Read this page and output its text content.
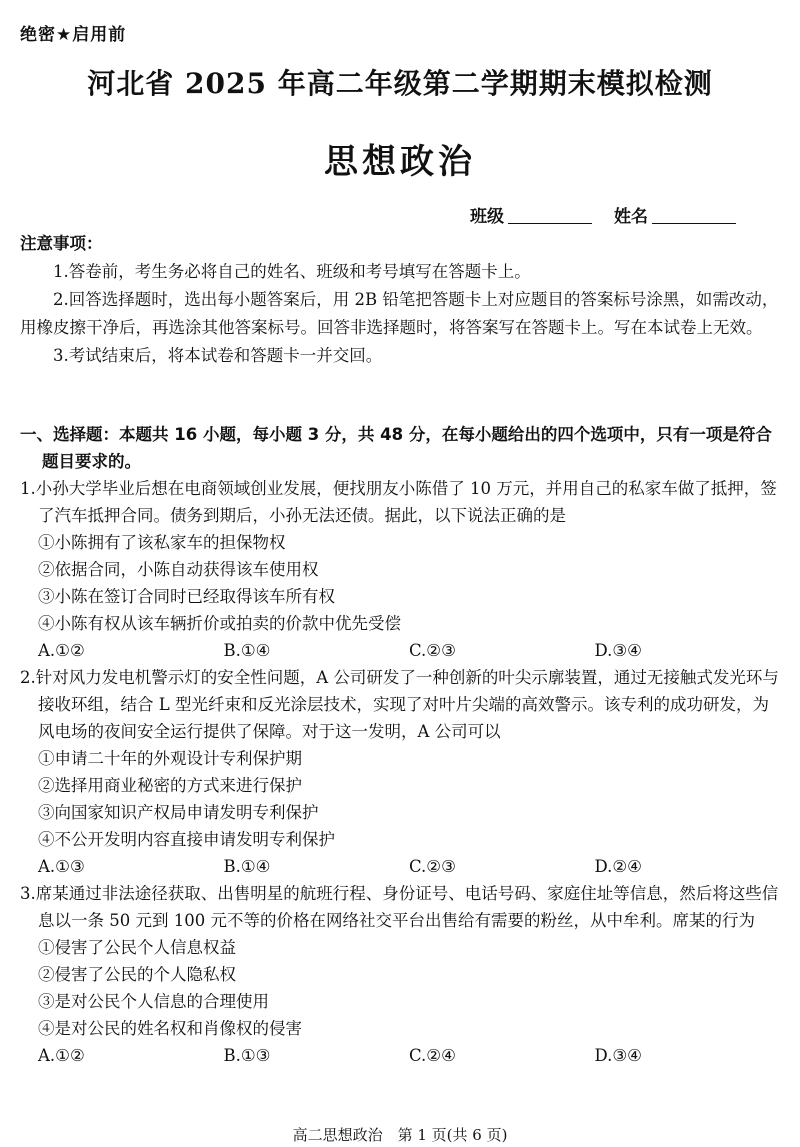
绝密★启用前
河北省 2025 年高二年级第二学期期末模拟检测
思想政治
班级	姓名
注意事项：

1.答卷前，考生务必将自己的姓名、班级和考号填写在答题卡上。

2.回答选择题时，选出每小题答案后，用 2B 铅笔把答题卡上对应题目的答案标号涂黑，如需改动，用橡皮擦干净后，再选涂其他答案标号。回答非选择题时，将答案写在答题卡上。写在本试卷上无效。

3.考试结束后，将本试卷和答题卡一并交回。

一、选择题：本题共 16 小题，每小题 3 分，共 48 分，在每小题给出的四个选项中，只有一项是符合题目要求的。
1.小孙大学毕业后想在电商领域创业发展，便找朋友小陈借了 10 万元，并用自己的私家车做了抵押，签了汽车抵押合同。债务到期后，小孙无法还债。据此，以下说法正确的是
①小陈拥有了该私家车的担保物权
②依据合同，小陈自动获得该车使用权
③小陈在签订合同时已经取得该车所有权
④小陈有权从该车辆折价或拍卖的价款中优先受偿
A.①②	B.①④	C.②③	D.③④
2.针对风力发电机警示灯的安全性问题，A 公司研发了一种创新的叶尖示廓装置，通过无接触式发光环与接收环组，结合 L 型光纤束和反光涂层技术，实现了对叶片尖端的高效警示。该专利的成功研发，为风电场的夜间安全运行提供了保障。对于这一发明，A 公司可以
①申请二十年的外观设计专利保护期
②选择用商业秘密的方式来进行保护
③向国家知识产权局申请发明专利保护
④不公开发明内容直接申请发明专利保护
A.①③	B.①④	C.②③	D.②④
3.席某通过非法途径获取、出售明星的航班行程、身份证号、电话号码、家庭住址等信息，然后将这些信息以一条 50 元到 100 元不等的价格在网络社交平台出售给有需要的粉丝，从中牟利。席某的行为
①侵害了公民个人信息权益
②侵害了公民的个人隐私权
③是对公民个人信息的合理使用
④是对公民的姓名权和肖像权的侵害
A.①②	B.①③	C.②④	D.③④
高二思想政治　第 1 页(共 6 页)
